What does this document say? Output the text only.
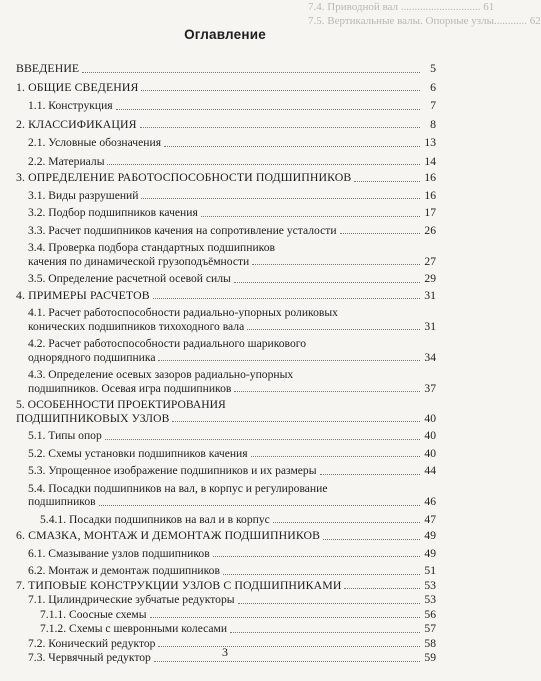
7.4. Приводной вал ............................. 61
7.5. Вертикальные валы. Опорные узлы............ 62
Оглавление
ВВЕДЕНИЕ	5
1. ОБЩИЕ СВЕДЕНИЯ	6
1.1. Конструкция	7
2. КЛАССИФИКАЦИЯ	8
2.1. Условные обозначения	13
2.2. Материалы	14
3. ОПРЕДЕЛЕНИЕ РАБОТОСПОСОБНОСТИ ПОДШИПНИКОВ	16
3.1. Виды разрушений	16
3.2. Подбор подшипников качения	17
3.3. Расчет подшипников качения на сопротивление усталости	26
3.4. Проверка подбора стандартных подшипников
качения по динамической грузоподъёмности	27
3.5. Определение расчетной осевой силы	29
4. ПРИМЕРЫ РАСЧЕТОВ	31
4.1. Расчет работоспособности радиально-упорных роликовых
конических подшипников тихоходного вала	31
4.2. Расчет работоспособности радиального шарикового
однорядного подшипника	34
4.3. Определение осевых зазоров радиально-упорных
подшипников. Осевая игра подшипников	37
5. ОСОБЕННОСТИ ПРОЕКТИРОВАНИЯ
ПОДШИПНИКОВЫХ УЗЛОВ	40
5.1. Типы опор	40
5.2. Схемы установки подшипников качения	40
5.3. Упрощенное изображение подшипников и их размеры	44
5.4. Посадки подшипников на вал, в корпус и регулирование
подшипников	46
5.4.1. Посадки подшипников на вал и в корпус	47
6. СМАЗКА, МОНТАЖ И ДЕМОНТАЖ ПОДШИПНИКОВ	49
6.1. Смазывание узлов подшипников	49
6.2. Монтаж и демонтаж подшипников	51
7. ТИПОВЫЕ КОНСТРУКЦИИ УЗЛОВ С ПОДШИПНИКАМИ	53
7.1. Цилиндрические зубчатые редукторы	53
7.1.1. Соосные схемы	56
7.1.2. Схемы с шевронными колесами	57
7.2. Конический редуктор	58
7.3. Червячный редуктор	59
3
